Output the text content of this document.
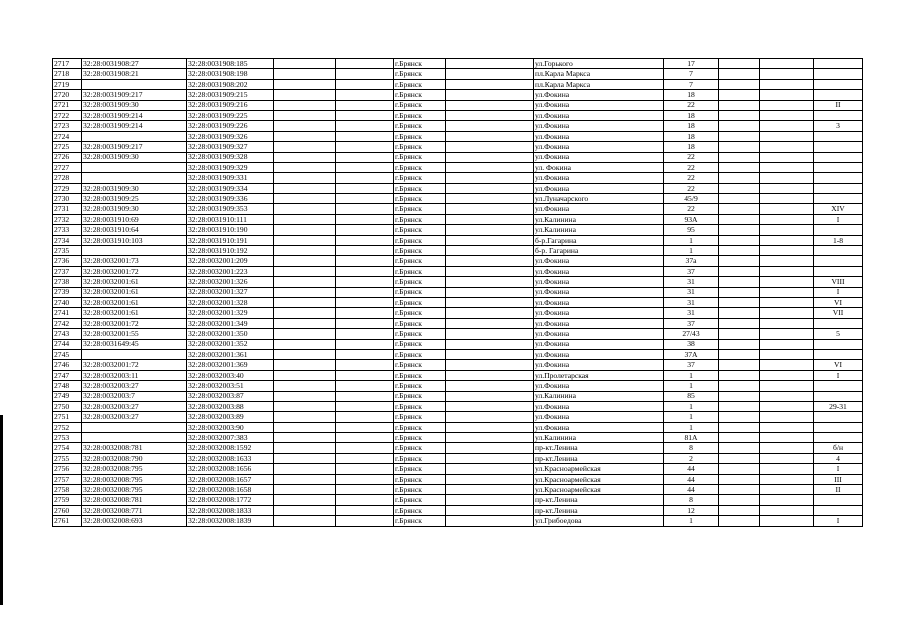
2717	32:28:0031908:27	32:28:0031908:185			г.Брянск		ул.Горького	17			
2718	32:28:0031908:21	32:28:0031908:198			г.Брянск		пл.Карла Маркса	7			
2719		32:28:0031908:202			г.Брянск		пл.Карла Маркса	7			
2720	32:28:0031909:217	32:28:0031909:215			г.Брянск		ул.Фокина	18			
2721	32:28:0031909:30	32:28:0031909:216			г.Брянск		ул.Фокина	22			II
2722	32:28:0031909:214	32:28:0031909:225			г.Брянск		ул.Фокина	18			
2723	32:28:0031909:214	32:28:0031909:226			г.Брянск		ул.Фокина	18			3
2724		32:28:0031909:326			г.Брянск		ул.Фокина	18			
2725	32:28:0031909:217	32:28:0031909:327			г.Брянск		ул.Фокина	18			
2726	32:28:0031909:30	32:28:0031909:328			г.Брянск		ул.Фокина	22			
2727		32:28:0031909:329			г.Брянск		ул. Фокина	22			
2728		32:28:0031909:331			г.Брянск		ул.Фокина	22			
2729	32:28:0031909:30	32:28:0031909:334			г.Брянск		ул.Фокина	22			
2730	32:28:0031909:25	32:28:0031909:336			г.Брянск		ул.Луначарского	45/9			
2731	32:28:0031909:30	32:28:0031909:353			г.Брянск		ул.Фокина	22			XIV
2732	32:28:0031910:69	32:28:0031910:111			г.Брянск		ул.Калинина	93А			I
2733	32:28:0031910:64	32:28:0031910:190			г.Брянск		ул.Калинина	95			
2734	32:28:0031910:103	32:28:0031910:191			г.Брянск		б-р.Гагарина	1			1-8
2735		32:28:0031910:192			г.Брянск		б-р. Гагарина	1			
2736	32:28:0032001:73	32:28:0032001:209			г.Брянск		ул.Фокина	37а			
2737	32:28:0032001:72	32:28:0032001:223			г.Брянск		ул.Фокина	37			
2738	32:28:0032001:61	32:28:0032001:326			г.Брянск		ул.Фокина	31			VIII
2739	32:28:0032001:61	32:28:0032001:327			г.Брянск		ул.Фокина	31			I
2740	32:28:0032001:61	32:28:0032001:328			г.Брянск		ул.Фокина	31			VI
2741	32:28:0032001:61	32:28:0032001:329			г.Брянск		ул.Фокина	31			VII
2742	32:28:0032001:72	32:28:0032001:349			г.Брянск		ул.Фокина	37			
2743	32:28:0032001:55	32:28:0032001:350			г.Брянск		ул.Фокина	27/43			5
2744	32:28:0031649:45	32:28:0032001:352			г.Брянск		ул.Фокина	38			
2745		32:28:0032001:361			г.Брянск		ул.Фокина	37А			
2746	32:28:0032001:72	32:28:0032001:369			г.Брянск		ул.Фокина	37			VI
2747	32:28:0032003:11	32:28:0032003:40			г.Брянск		ул.Пролетарская	1			I
2748	32:28:0032003:27	32:28:0032003:51			г.Брянск		ул.Фокина	1			
2749	32:28:0032003:7	32:28:0032003:87			г.Брянск		ул.Калинина	85			
2750	32:28:0032003:27	32:28:0032003:88			г.Брянск		ул.Фокина	1			29-31
2751	32:28:0032003:27	32:28:0032003:89			г.Брянск		ул.Фокина	1			
2752		32:28:0032003:90			г.Брянск		ул.Фокина	1			
2753		32:28:0032007:383			г.Брянск		ул.Калинина	81А			
2754	32:28:0032008:781	32:28:0032008:1592			г.Брянск		пр-кт.Ленина	8			б/н
2755	32:28:0032008:790	32:28:0032008:1633			г.Брянск		пр-кт.Ленина	2			4
2756	32:28:0032008:795	32:28:0032008:1656			г.Брянск		ул.Красноармейская	44			I
2757	32:28:0032008:795	32:28:0032008:1657			г.Брянск		ул.Красноармейская	44			III
2758	32:28:0032008:795	32:28:0032008:1658			г.Брянск		ул.Красноармейская	44			II
2759	32:28:0032008:781	32:28:0032008:1772			г.Брянск		пр-кт.Ленина	8			
2760	32:28:0032008:771	32:28:0032008:1833			г.Брянск		пр-кт.Ленина	12			
2761	32:28:0032008:693	32:28:0032008:1839			г.Брянск		ул.Грибоедова	1			I
